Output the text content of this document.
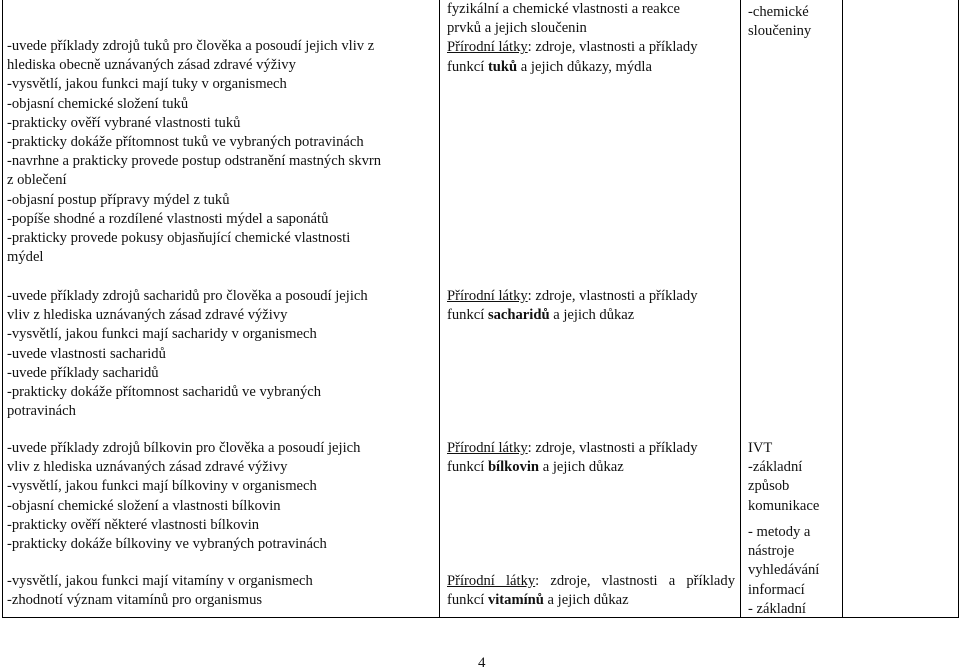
-uvede příklady zdrojů tuků pro člověka a posoudí jejich vliv z
hlediska obecně uznávaných zásad zdravé výživy
-vysvětlí, jakou funkci mají tuky v organismech
-objasní chemické složení tuků
-prakticky ověří vybrané vlastnosti tuků
-prakticky dokáže přítomnost tuků ve vybraných potravinách
-navrhne a prakticky provede postup odstranění mastných skvrn
z oblečení
-objasní postup přípravy mýdel z tuků
-popíše shodné a rozdílené vlastnosti mýdel a saponátů
-prakticky provede pokusy objasňující chemické vlastnosti
mýdel
-uvede příklady zdrojů sacharidů pro člověka a posoudí jejich
vliv z hlediska uznávaných zásad zdravé výživy
-vysvětlí, jakou funkci mají sacharidy v organismech
-uvede vlastnosti sacharidů
-uvede příklady sacharidů
-prakticky dokáže přítomnost sacharidů ve vybraných
potravinách
-uvede příklady zdrojů bílkovin pro člověka a posoudí jejich
vliv z hlediska uznávaných zásad zdravé výživy
-vysvětlí, jakou funkci mají bílkoviny v organismech
-objasní chemické složení a vlastnosti bílkovin
-prakticky ověří některé vlastnosti bílkovin
-prakticky dokáže bílkoviny ve vybraných potravinách
-vysvětlí, jakou funkci mají vitamíny v organismech
-zhodnotí význam vitamínů pro organismus
fyzikální a chemické vlastnosti a reakce
prvků a jejich sloučenin
Přírodní látky: zdroje, vlastnosti a příklady
funkcí tuků a jejich důkazy, mýdla
Přírodní látky: zdroje, vlastnosti a příklady
funkcí sacharidů a jejich důkaz
Přírodní látky: zdroje, vlastnosti a příklady
funkcí bílkovin a jejich důkaz
Přírodní látky: zdroje, vlastnosti a příklady
funkcí vitamínů a jejich důkaz
-chemické
sloučeniny
IVT
-základní
způsob
komunikace
- metody a
nástroje
vyhledávání
informací
- základní
4
